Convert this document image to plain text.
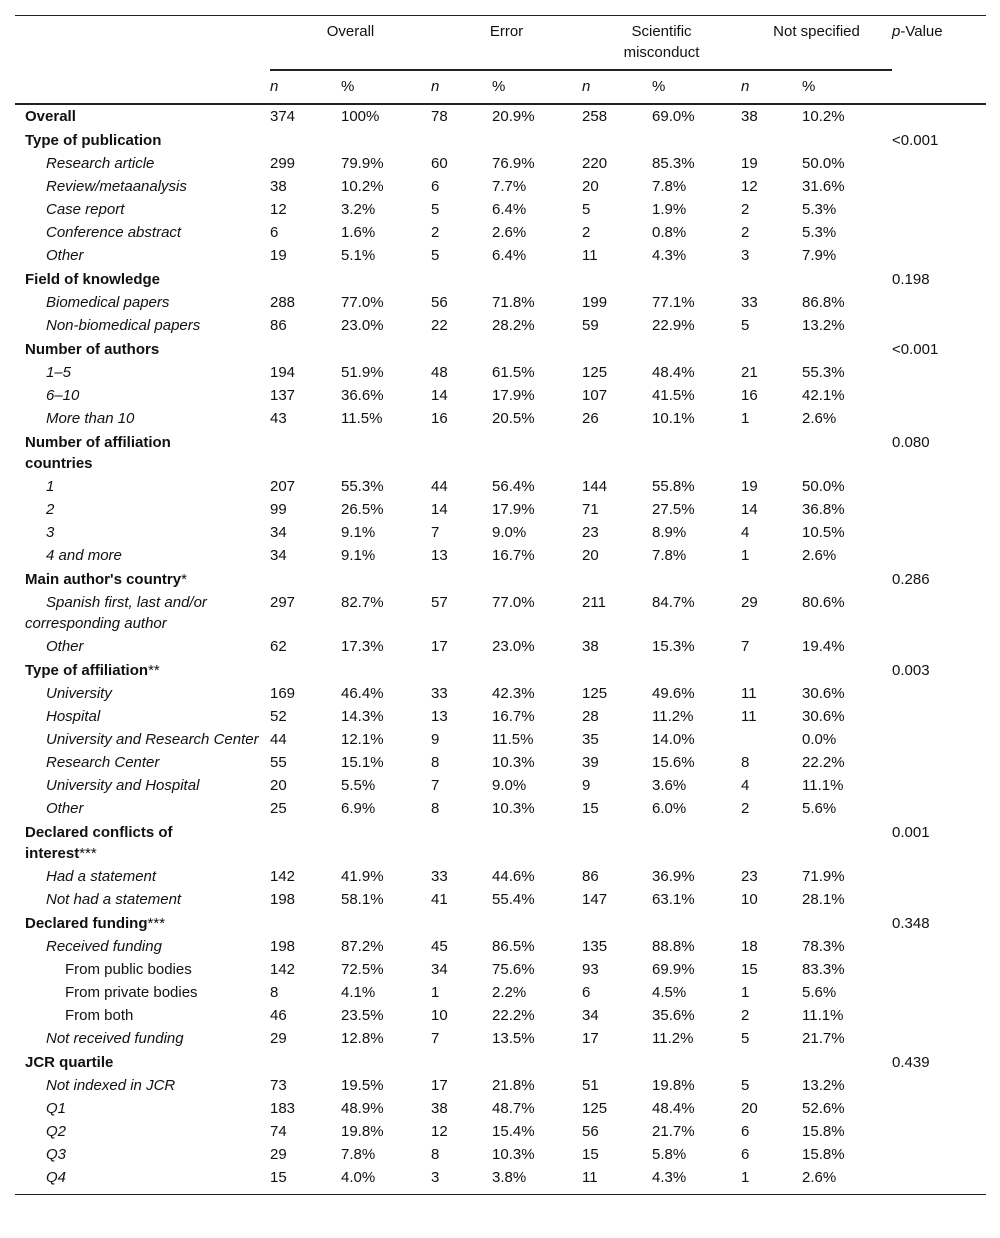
	Overall		Error		Scientific misconduct		Not specified		p-Value
	n	%	n	%	n	%	n	%	
Overall	374	100%	78	20.9%	258	69.0%	38	10.2%	
Type of publication									<0.001
Research article	299	79.9%	60	76.9%	220	85.3%	19	50.0%	
Review/metaanalysis	38	10.2%	6	7.7%	20	7.8%	12	31.6%	
Case report	12	3.2%	5	6.4%	5	1.9%	2	5.3%	
Conference abstract	6	1.6%	2	2.6%	2	0.8%	2	5.3%	
Other	19	5.1%	5	6.4%	11	4.3%	3	7.9%	
Field of knowledge									0.198
Biomedical papers	288	77.0%	56	71.8%	199	77.1%	33	86.8%	
Non-biomedical papers	86	23.0%	22	28.2%	59	22.9%	5	13.2%	
Number of authors									<0.001
1–5	194	51.9%	48	61.5%	125	48.4%	21	55.3%	
6–10	137	36.6%	14	17.9%	107	41.5%	16	42.1%	
More than 10	43	11.5%	16	20.5%	26	10.1%	1	2.6%	
Number of affiliation countries									0.080
1	207	55.3%	44	56.4%	144	55.8%	19	50.0%	
2	99	26.5%	14	17.9%	71	27.5%	14	36.8%	
3	34	9.1%	7	9.0%	23	8.9%	4	10.5%	
4 and more	34	9.1%	13	16.7%	20	7.8%	1	2.6%	
Main author's country*									0.286
Spanish first, last and/or corresponding author	297	82.7%	57	77.0%	211	84.7%	29	80.6%	
Other	62	17.3%	17	23.0%	38	15.3%	7	19.4%	
Type of affiliation**									0.003
University	169	46.4%	33	42.3%	125	49.6%	11	30.6%	
Hospital	52	14.3%	13	16.7%	28	11.2%	11	30.6%	
University and Research Center	44	12.1%	9	11.5%	35	14.0%		0.0%	
Research Center	55	15.1%	8	10.3%	39	15.6%	8	22.2%	
University and Hospital	20	5.5%	7	9.0%	9	3.6%	4	11.1%	
Other	25	6.9%	8	10.3%	15	6.0%	2	5.6%	
Declared conflicts of interest***									0.001
Had a statement	142	41.9%	33	44.6%	86	36.9%	23	71.9%	
Not had a statement	198	58.1%	41	55.4%	147	63.1%	10	28.1%	
Declared funding***									0.348
Received funding	198	87.2%	45	86.5%	135	88.8%	18	78.3%	
From public bodies	142	72.5%	34	75.6%	93	69.9%	15	83.3%	
From private bodies	8	4.1%	1	2.2%	6	4.5%	1	5.6%	
From both	46	23.5%	10	22.2%	34	35.6%	2	11.1%	
Not received funding	29	12.8%	7	13.5%	17	11.2%	5	21.7%	
JCR quartile									0.439
Not indexed in JCR	73	19.5%	17	21.8%	51	19.8%	5	13.2%	
Q1	183	48.9%	38	48.7%	125	48.4%	20	52.6%	
Q2	74	19.8%	12	15.4%	56	21.7%	6	15.8%	
Q3	29	7.8%	8	10.3%	15	5.8%	6	15.8%	
Q4	15	4.0%	3	3.8%	11	4.3%	1	2.6%	
